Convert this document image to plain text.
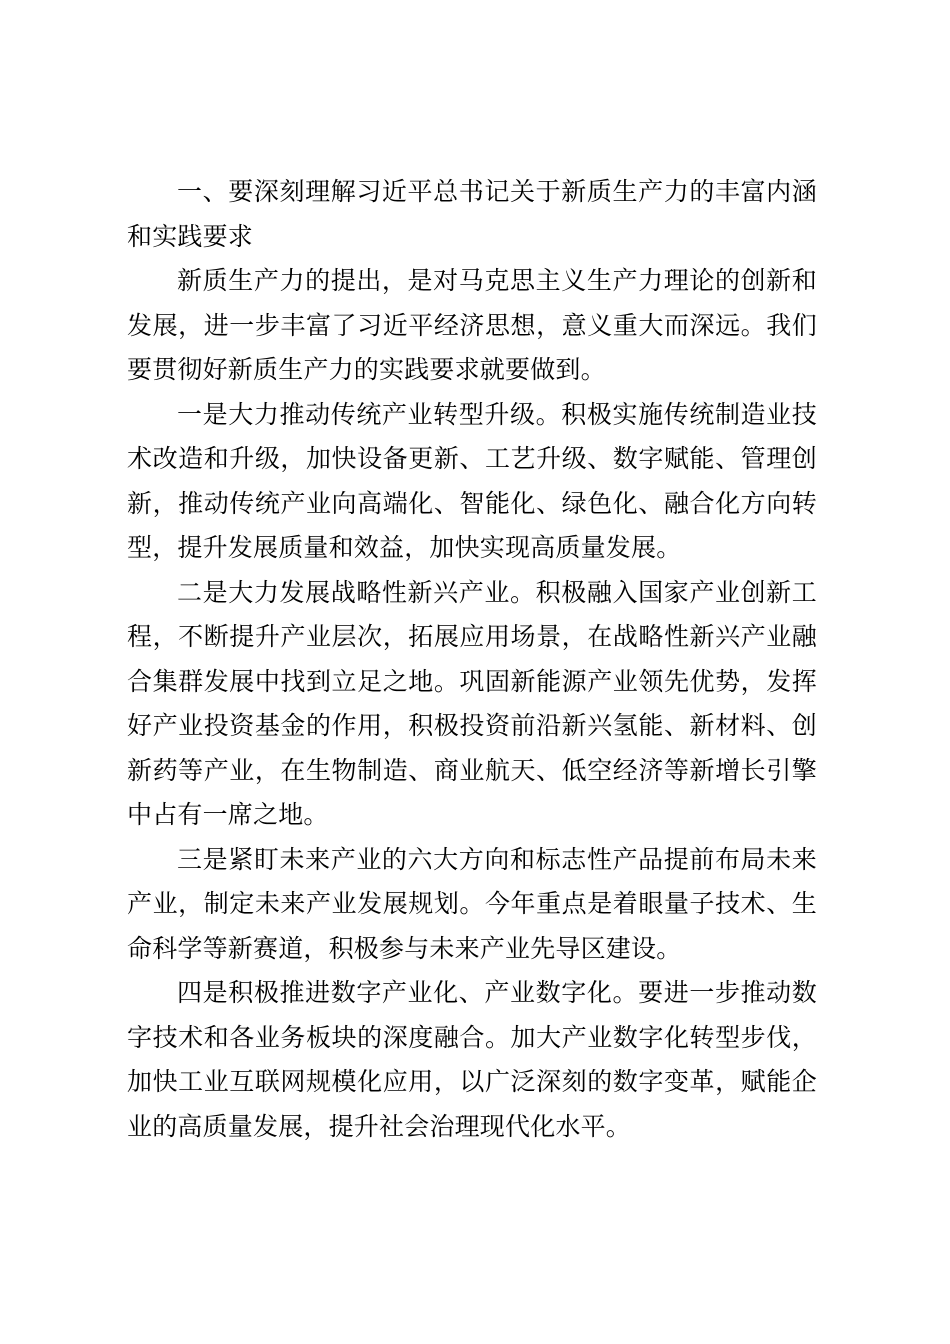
一、要深刻理解习近平总书记关于新质生产力的丰富内涵和实践要求

新质生产力的提出，是对马克思主义生产力理论的创新和发展，进一步丰富了习近平经济思想，意义重大而深远。我们要贯彻好新质生产力的实践要求就要做到。

一是大力推动传统产业转型升级。积极实施传统制造业技术改造和升级，加快设备更新、工艺升级、数字赋能、管理创新，推动传统产业向高端化、智能化、绿色化、融合化方向转型，提升发展质量和效益，加快实现高质量发展。

二是大力发展战略性新兴产业。积极融入国家产业创新工程，不断提升产业层次，拓展应用场景，在战略性新兴产业融合集群发展中找到立足之地。巩固新能源产业领先优势，发挥好产业投资基金的作用，积极投资前沿新兴氢能、新材料、创新药等产业，在生物制造、商业航天、低空经济等新增长引擎中占有一席之地。

三是紧盯未来产业的六大方向和标志性产品提前布局未来产业，制定未来产业发展规划。今年重点是着眼量子技术、生命科学等新赛道，积极参与未来产业先导区建设。

四是积极推进数字产业化、产业数字化。要进一步推动数字技术和各业务板块的深度融合。加大产业数字化转型步伐，加快工业互联网规模化应用，以广泛深刻的数字变革，赋能企业的高质量发展，提升社会治理现代化水平。
